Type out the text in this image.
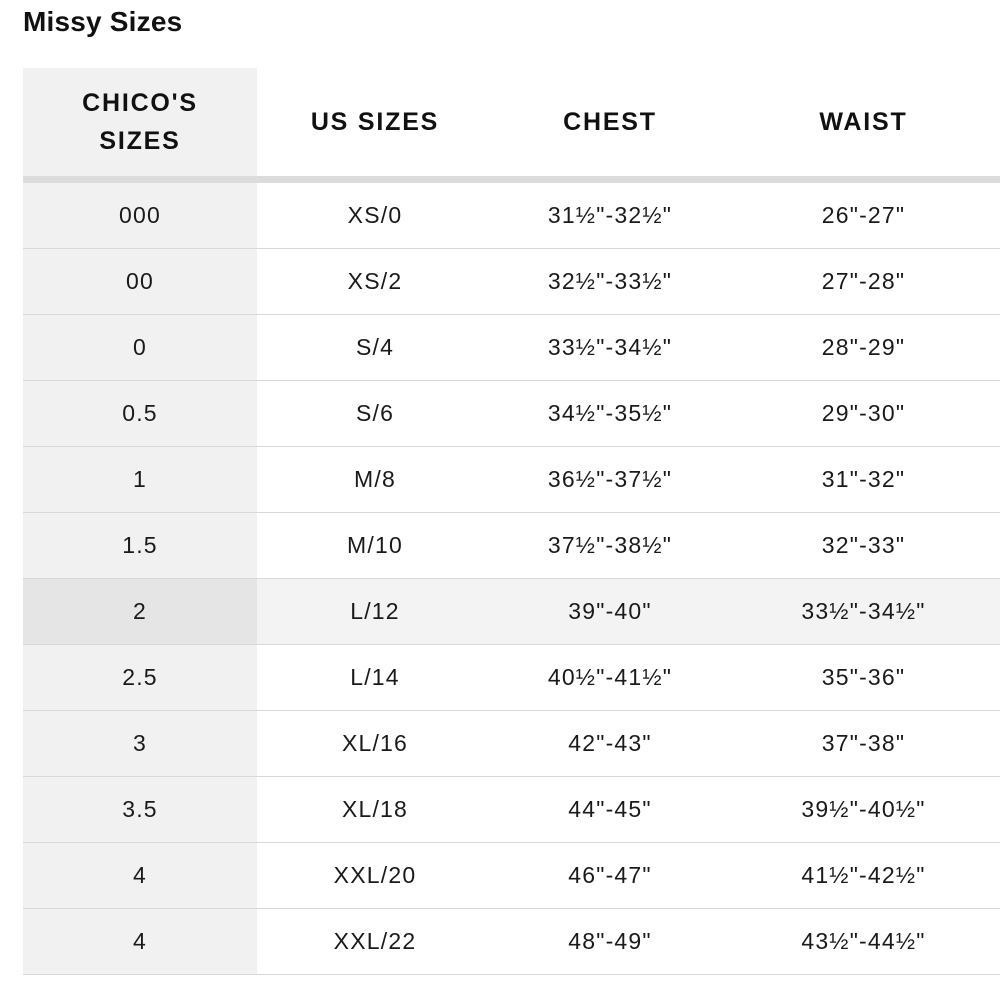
Missy Sizes
CHICO'S SIZES	US SIZES	CHEST	WAIST
000	XS/0	31½"-32½"	26"-27"
00	XS/2	32½"-33½"	27"-28"
0	S/4	33½"-34½"	28"-29"
0.5	S/6	34½"-35½"	29"-30"
1	M/8	36½"-37½"	31"-32"
1.5	M/10	37½"-38½"	32"-33"
2	L/12	39"-40"	33½"-34½"
2.5	L/14	40½"-41½"	35"-36"
3	XL/16	42"-43"	37"-38"
3.5	XL/18	44"-45"	39½"-40½"
4	XXL/20	46"-47"	41½"-42½"
4	XXL/22	48"-49"	43½"-44½"
